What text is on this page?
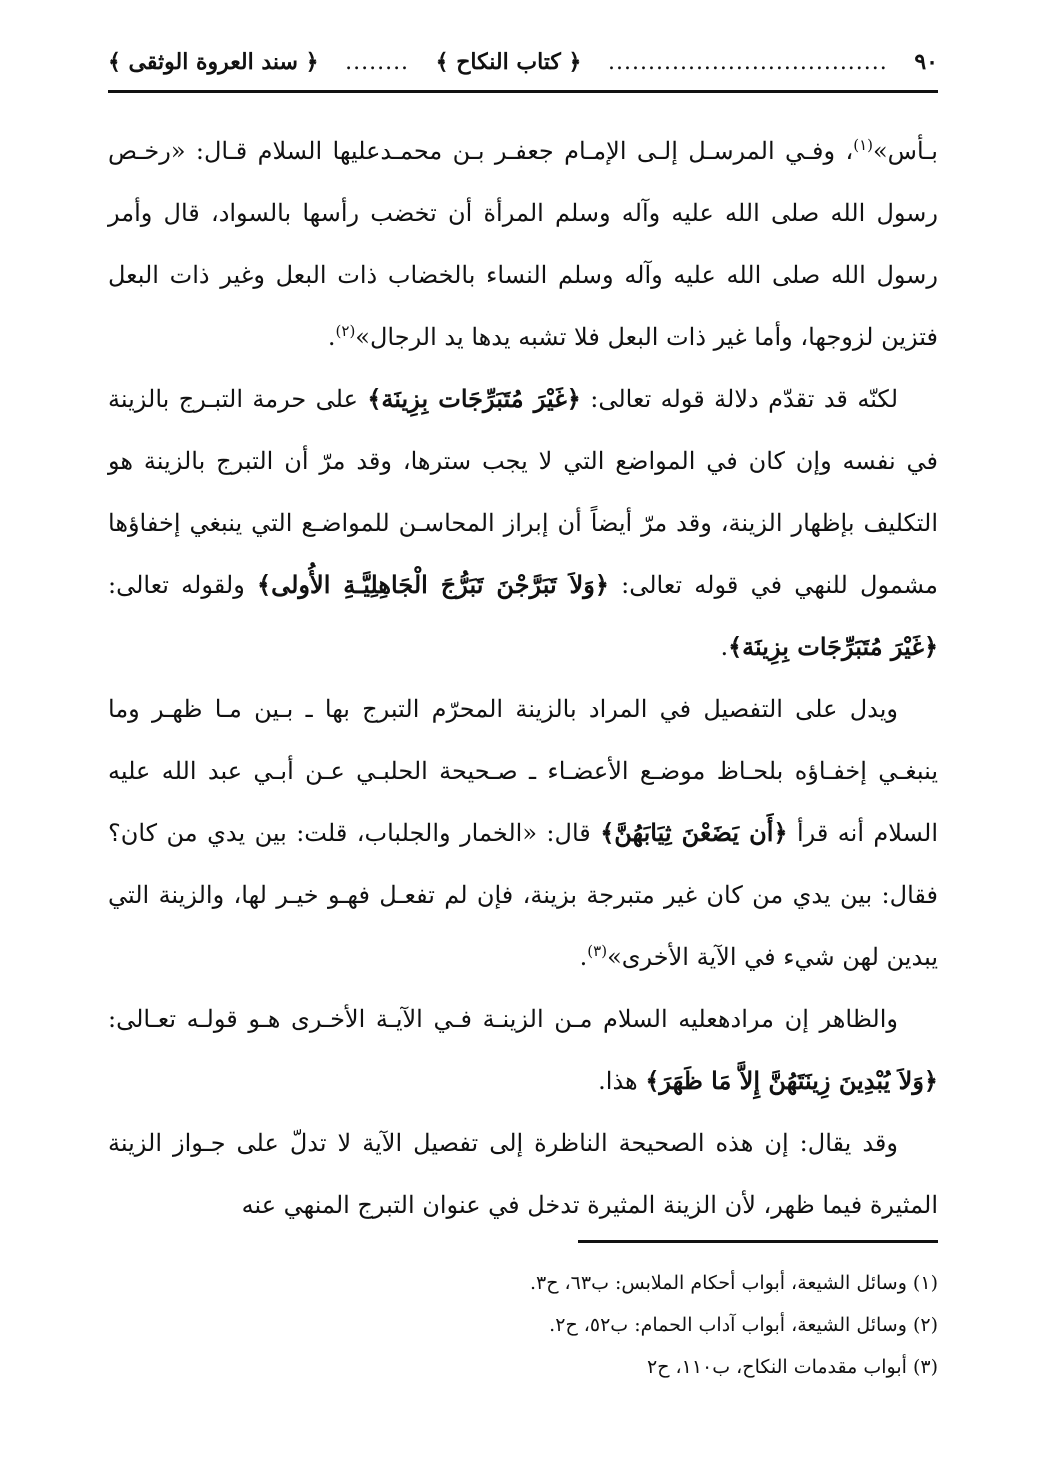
٩٠
...................................
﴿ كتاب النكاح ﴾
........
﴿ سند العروة الوثقى ﴾

بـأس»$^{(١)}$، وفـي المرسـل إلـى الإمـام جعفـر بـن محمـدعليها السلام قـال: «رخـص رسول الله صلى الله عليه وآله وسلم المرأة أن تخضب رأسها بالسواد، قال وأمر رسول الله صلى الله عليه وآله وسلم النساء بالخضاب ذات البعل وغير ذات البعل فتزين لزوجها، وأما غير ذات البعل فلا تشبه يدها يد الرجال»$^{(٢)}$.

لكنّه قد تقدّم دلالة قوله تعالى: ﴿غَيْرَ مُتَبَرِّجَات بِزِينَة﴾ على حرمة التبـرج بالزينة في نفسه وإن كان في المواضع التي لا يجب سترها، وقد مرّ أن التبرج بالزينة هو التكليف بإظهار الزينة، وقد مرّ أيضاً أن إبراز المحاسـن للمواضـع التي ينبغي إخفاؤها مشمول للنهي في قوله تعالى: ﴿وَلاَ تَبَرَّجْنَ تَبَرُّجَ الْجَاهِلِيَّـةِ الأُولى﴾ ولقوله تعالى: ﴿غَيْرَ مُتَبَرِّجَات بِزِينَة﴾.

ويدل على التفصيل في المراد بالزينة المحرّم التبرج بها ـ بـين مـا ظهـر وما ينبغـي إخفـاؤه بلحـاظ موضـع الأعضـاء ـ صـحيحة الحلبـي عـن أبـي عبد الله عليه السلام أنه قرأ ﴿أَن يَضَعْنَ ثِيَابَهُنَّ﴾ قال: «الخمار والجلباب، قلت: بين يدي من كان؟ فقال: بين يدي من كان غير متبرجة بزينة، فإن لم تفعـل فهـو خيـر لها، والزينة التي يبدين لهن شيء في الآية الأخرى»$^{(٣)}$.

والظاهر إن مرادهعليه السلام مـن الزينـة فـي الآيـة الأخـرى هـو قولـه تعـالى: ﴿وَلاَ يُبْدِينَ زِينَتَهُنَّ إِلاَّ مَا ظَهَرَ﴾ هذا.

وقد يقال: إن هذه الصحيحة الناظرة إلى تفصيل الآية لا تدلّ على جـواز الزينة المثيرة فيما ظهر، لأن الزينة المثيرة تدخل في عنوان التبرج المنهي عنه

(١) وسائل الشيعة، أبواب أحكام الملابس: ب٦٣، ح٣.
(٢) وسائل الشيعة، أبواب آداب الحمام: ب٥٢، ح٢.
(٣) أبواب مقدمات النكاح، ب١١٠، ح٢
